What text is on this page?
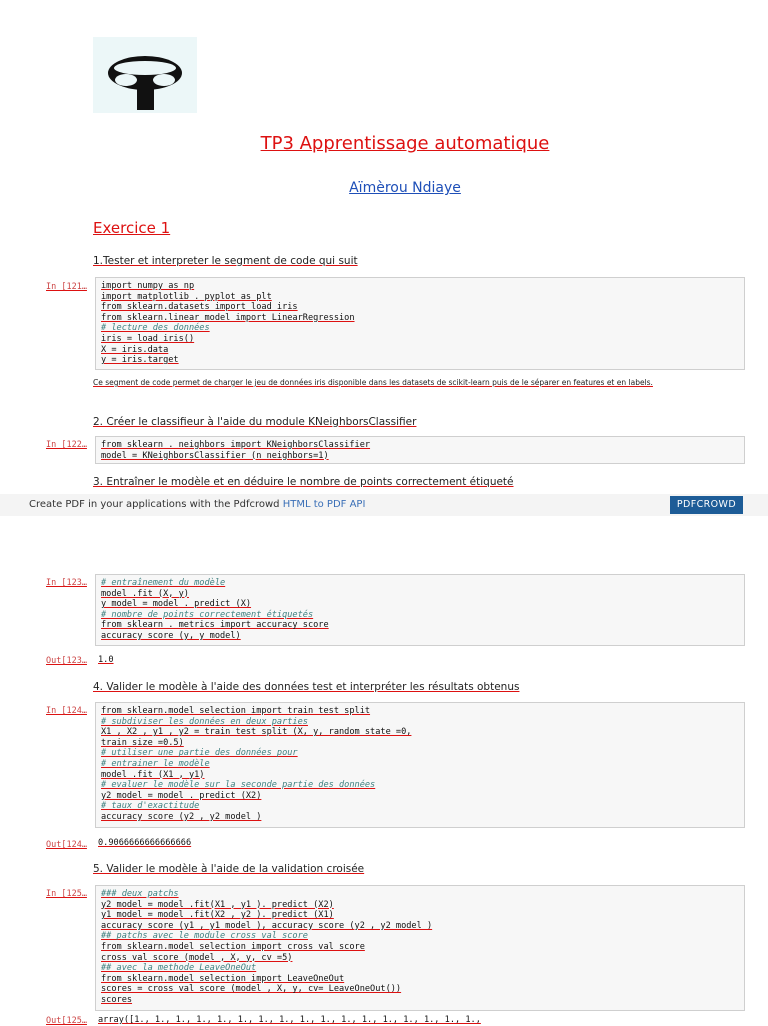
TP3 Apprentissage automatique
Aïmèrou Ndiaye
Exercice 1
1.Tester et interpreter le segment de code qui suit
In [121… import numpy as np
import matplotlib . pyplot as plt
from sklearn.datasets import load iris
from sklearn.linear_model import LinearRegression
# lecture des données
iris = load iris()
X = iris.data
y = iris.target
Ce segment de code permet de charger le jeu de données iris disponible dans les datasets de scikit-learn puis de le séparer en features et en labels.
2. Créer le classifieur à l'aide du module KNeighborsClassifier
In [122… from sklearn . neighbors import KNeighborsClassifier
model = KNeighborsClassifier (n neighbors=1)
3. Entraîner le modèle et en déduire le nombre de points correctement étiqueté
Create PDF in your applications with the Pdfcrowd HTML to PDF API	PDFCROWD
In [123… # entraînement du modèle
model .fit (X, y)
y model = model . predict (X)
# nombre de points correctement étiquetés
from sklearn . metrics import accuracy score
accuracy score (y, y model)
Out[123… 1.0
4. Valider le modèle à l'aide des données test et interpréter les résultats obtenus
In [124… from sklearn.model selection import train test split
# subdiviser les données en deux parties
X1 , X2 , y1 , y2 = train test split (X, y, random state =0,
train size =0.5)
# utiliser une partie des données pour
# entrainer le modèle
model .fit (X1 , y1)
# evaluer le modèle sur la seconde partie des données
y2 model = model . predict (X2)
# taux d'exactitude
accuracy score (y2 , y2 model )
Out[124… 0.9066666666666666
5. Valider le modèle à l'aide de la validation croisée
In [125… ### deux patchs
y2 model = model .fit(X1 , y1 ). predict (X2)
y1 model = model .fit(X2 , y2 ). predict (X1)
accuracy score (y1 , y1 model ), accuracy score (y2 , y2 model )
## patchs avec le module cross val score
from sklearn.model selection import cross val score
cross val score (model , X, y, cv =5)
## avec la methode LeaveOneOut
from sklearn.model selection import LeaveOneOut
scores = cross val score (model , X, y, cv= LeaveOneOut())
scores
Out[125… array([1., 1., 1., 1., 1., 1., 1., 1., 1., 1., 1., 1., 1., 1., 1., 1., 1.,
